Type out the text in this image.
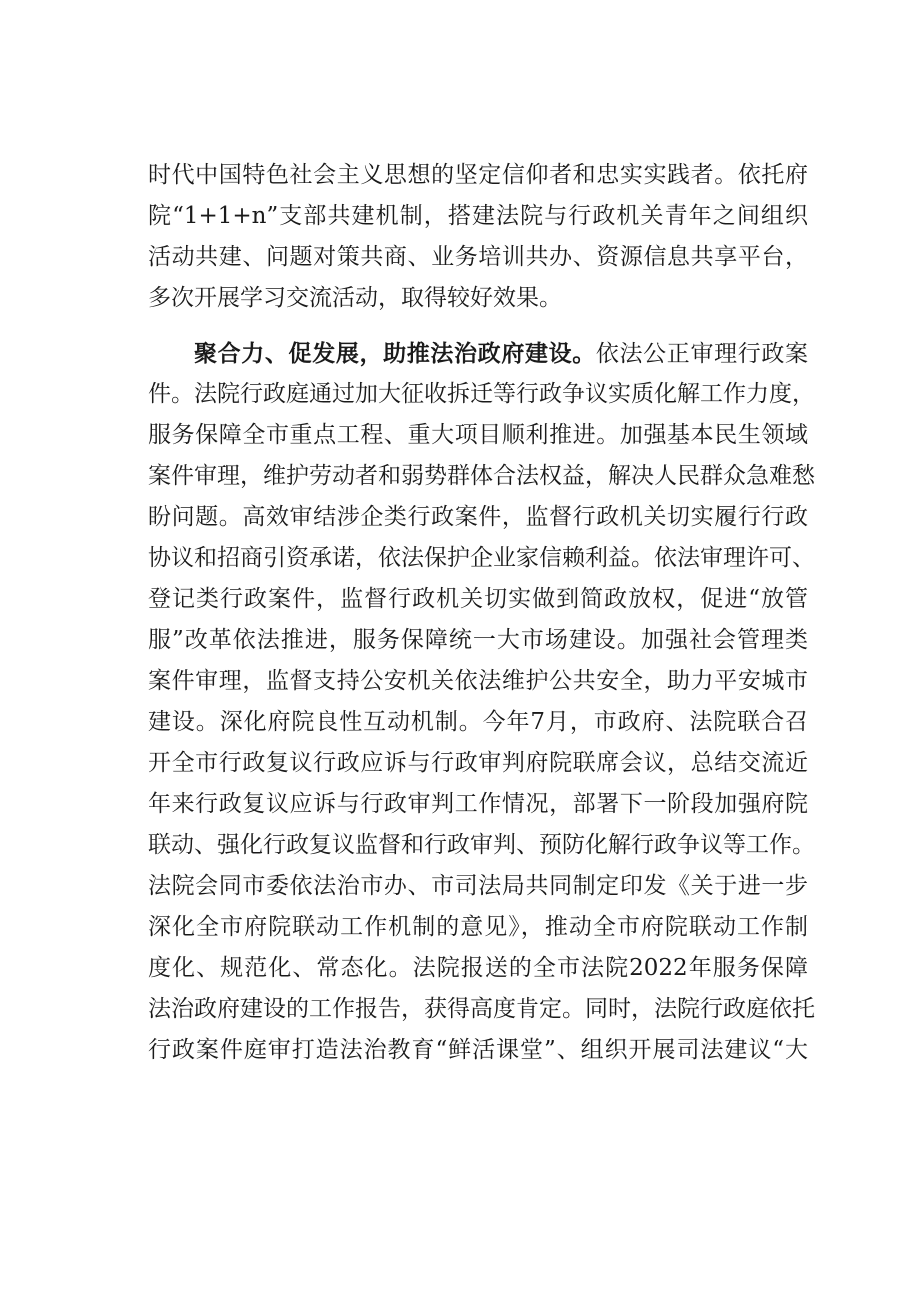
时代中国特色社会主义思想的坚定信仰者和忠实实践者。依托府
院“1+1+n”支部共建机制，搭建法院与行政机关青年之间组织
活动共建、问题对策共商、业务培训共办、资源信息共享平台，
多次开展学习交流活动，取得较好效果。
聚合力、促发展，助推法治政府建设。依法公正审理行政案
件。法院行政庭通过加大征收拆迁等行政争议实质化解工作力度，
服务保障全市重点工程、重大项目顺利推进。加强基本民生领域
案件审理，维护劳动者和弱势群体合法权益，解决人民群众急难愁
盼问题。高效审结涉企类行政案件，监督行政机关切实履行行政
协议和招商引资承诺，依法保护企业家信赖利益。依法审理许可、
登记类行政案件，监督行政机关切实做到简政放权，促进“放管
服”改革依法推进，服务保障统一大市场建设。加强社会管理类
案件审理，监督支持公安机关依法维护公共安全，助力平安城市
建设。深化府院良性互动机制。今年7月，市政府、法院联合召
开全市行政复议行政应诉与行政审判府院联席会议，总结交流近
年来行政复议应诉与行政审判工作情况，部署下一阶段加强府院
联动、强化行政复议监督和行政审判、预防化解行政争议等工作。
法院会同市委依法治市办、市司法局共同制定印发《关于进一步
深化全市府院联动工作机制的意见》，推动全市府院联动工作制
度化、规范化、常态化。法院报送的全市法院2022年服务保障
法治政府建设的工作报告，获得高度肯定。同时，法院行政庭依托
行政案件庭审打造法治教育“鲜活课堂”、组织开展司法建议“大
